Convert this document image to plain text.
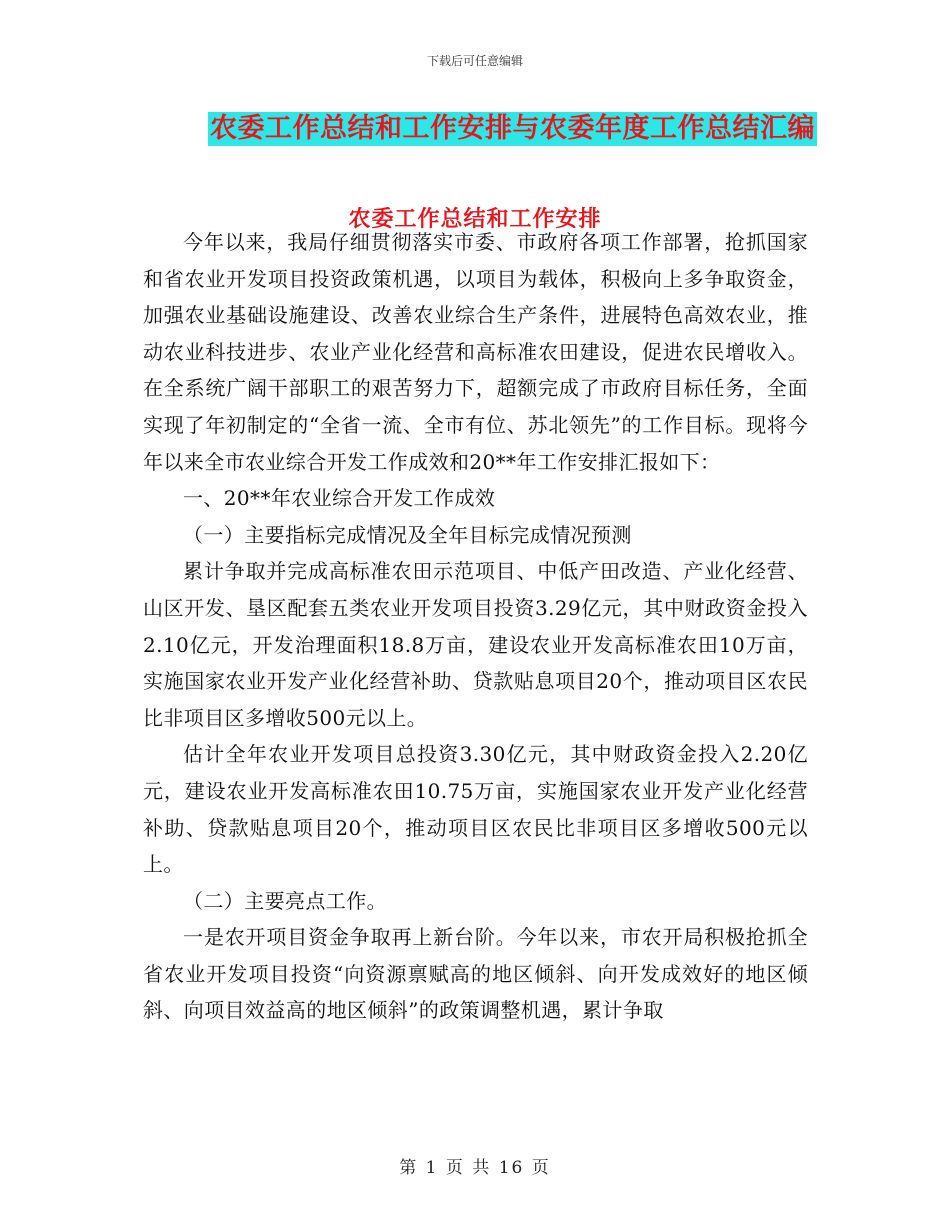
下载后可任意编辑
农委工作总结和工作安排与农委年度工作总结汇编
农委工作总结和工作安排

今年以来，我局仔细贯彻落实市委、市政府各项工作部署，抢抓国家和省农业开发项目投资政策机遇，以项目为载体，积极向上多争取资金，加强农业基础设施建设、改善农业综合生产条件，进展特色高效农业，推动农业科技进步、农业产业化经营和高标准农田建设，促进农民增收入。在全系统广阔干部职工的艰苦努力下，超额完成了市政府目标任务，全面实现了年初制定的“全省一流、全市有位、苏北领先”的工作目标。现将今年以来全市农业综合开发工作成效和20**年工作安排汇报如下：

一、20**年农业综合开发工作成效

（一）主要指标完成情况及全年目标完成情况预测

累计争取并完成高标准农田示范项目、中低产田改造、产业化经营、山区开发、垦区配套五类农业开发项目投资3.29亿元，其中财政资金投入2.10亿元，开发治理面积18.8万亩，建设农业开发高标准农田10万亩，实施国家农业开发产业化经营补助、贷款贴息项目20个，推动项目区农民比非项目区多增收500元以上。

估计全年农业开发项目总投资3.30亿元，其中财政资金投入2.20亿元，建设农业开发高标准农田10.75万亩，实施国家农业开发产业化经营补助、贷款贴息项目20个，推动项目区农民比非项目区多增收500元以上。

（二）主要亮点工作。

一是农开项目资金争取再上新台阶。今年以来，市农开局积极抢抓全省农业开发项目投资“向资源禀赋高的地区倾斜、向开发成效好的地区倾斜、向项目效益高的地区倾斜”的政策调整机遇，累计争取

第 1 页 共 16 页
